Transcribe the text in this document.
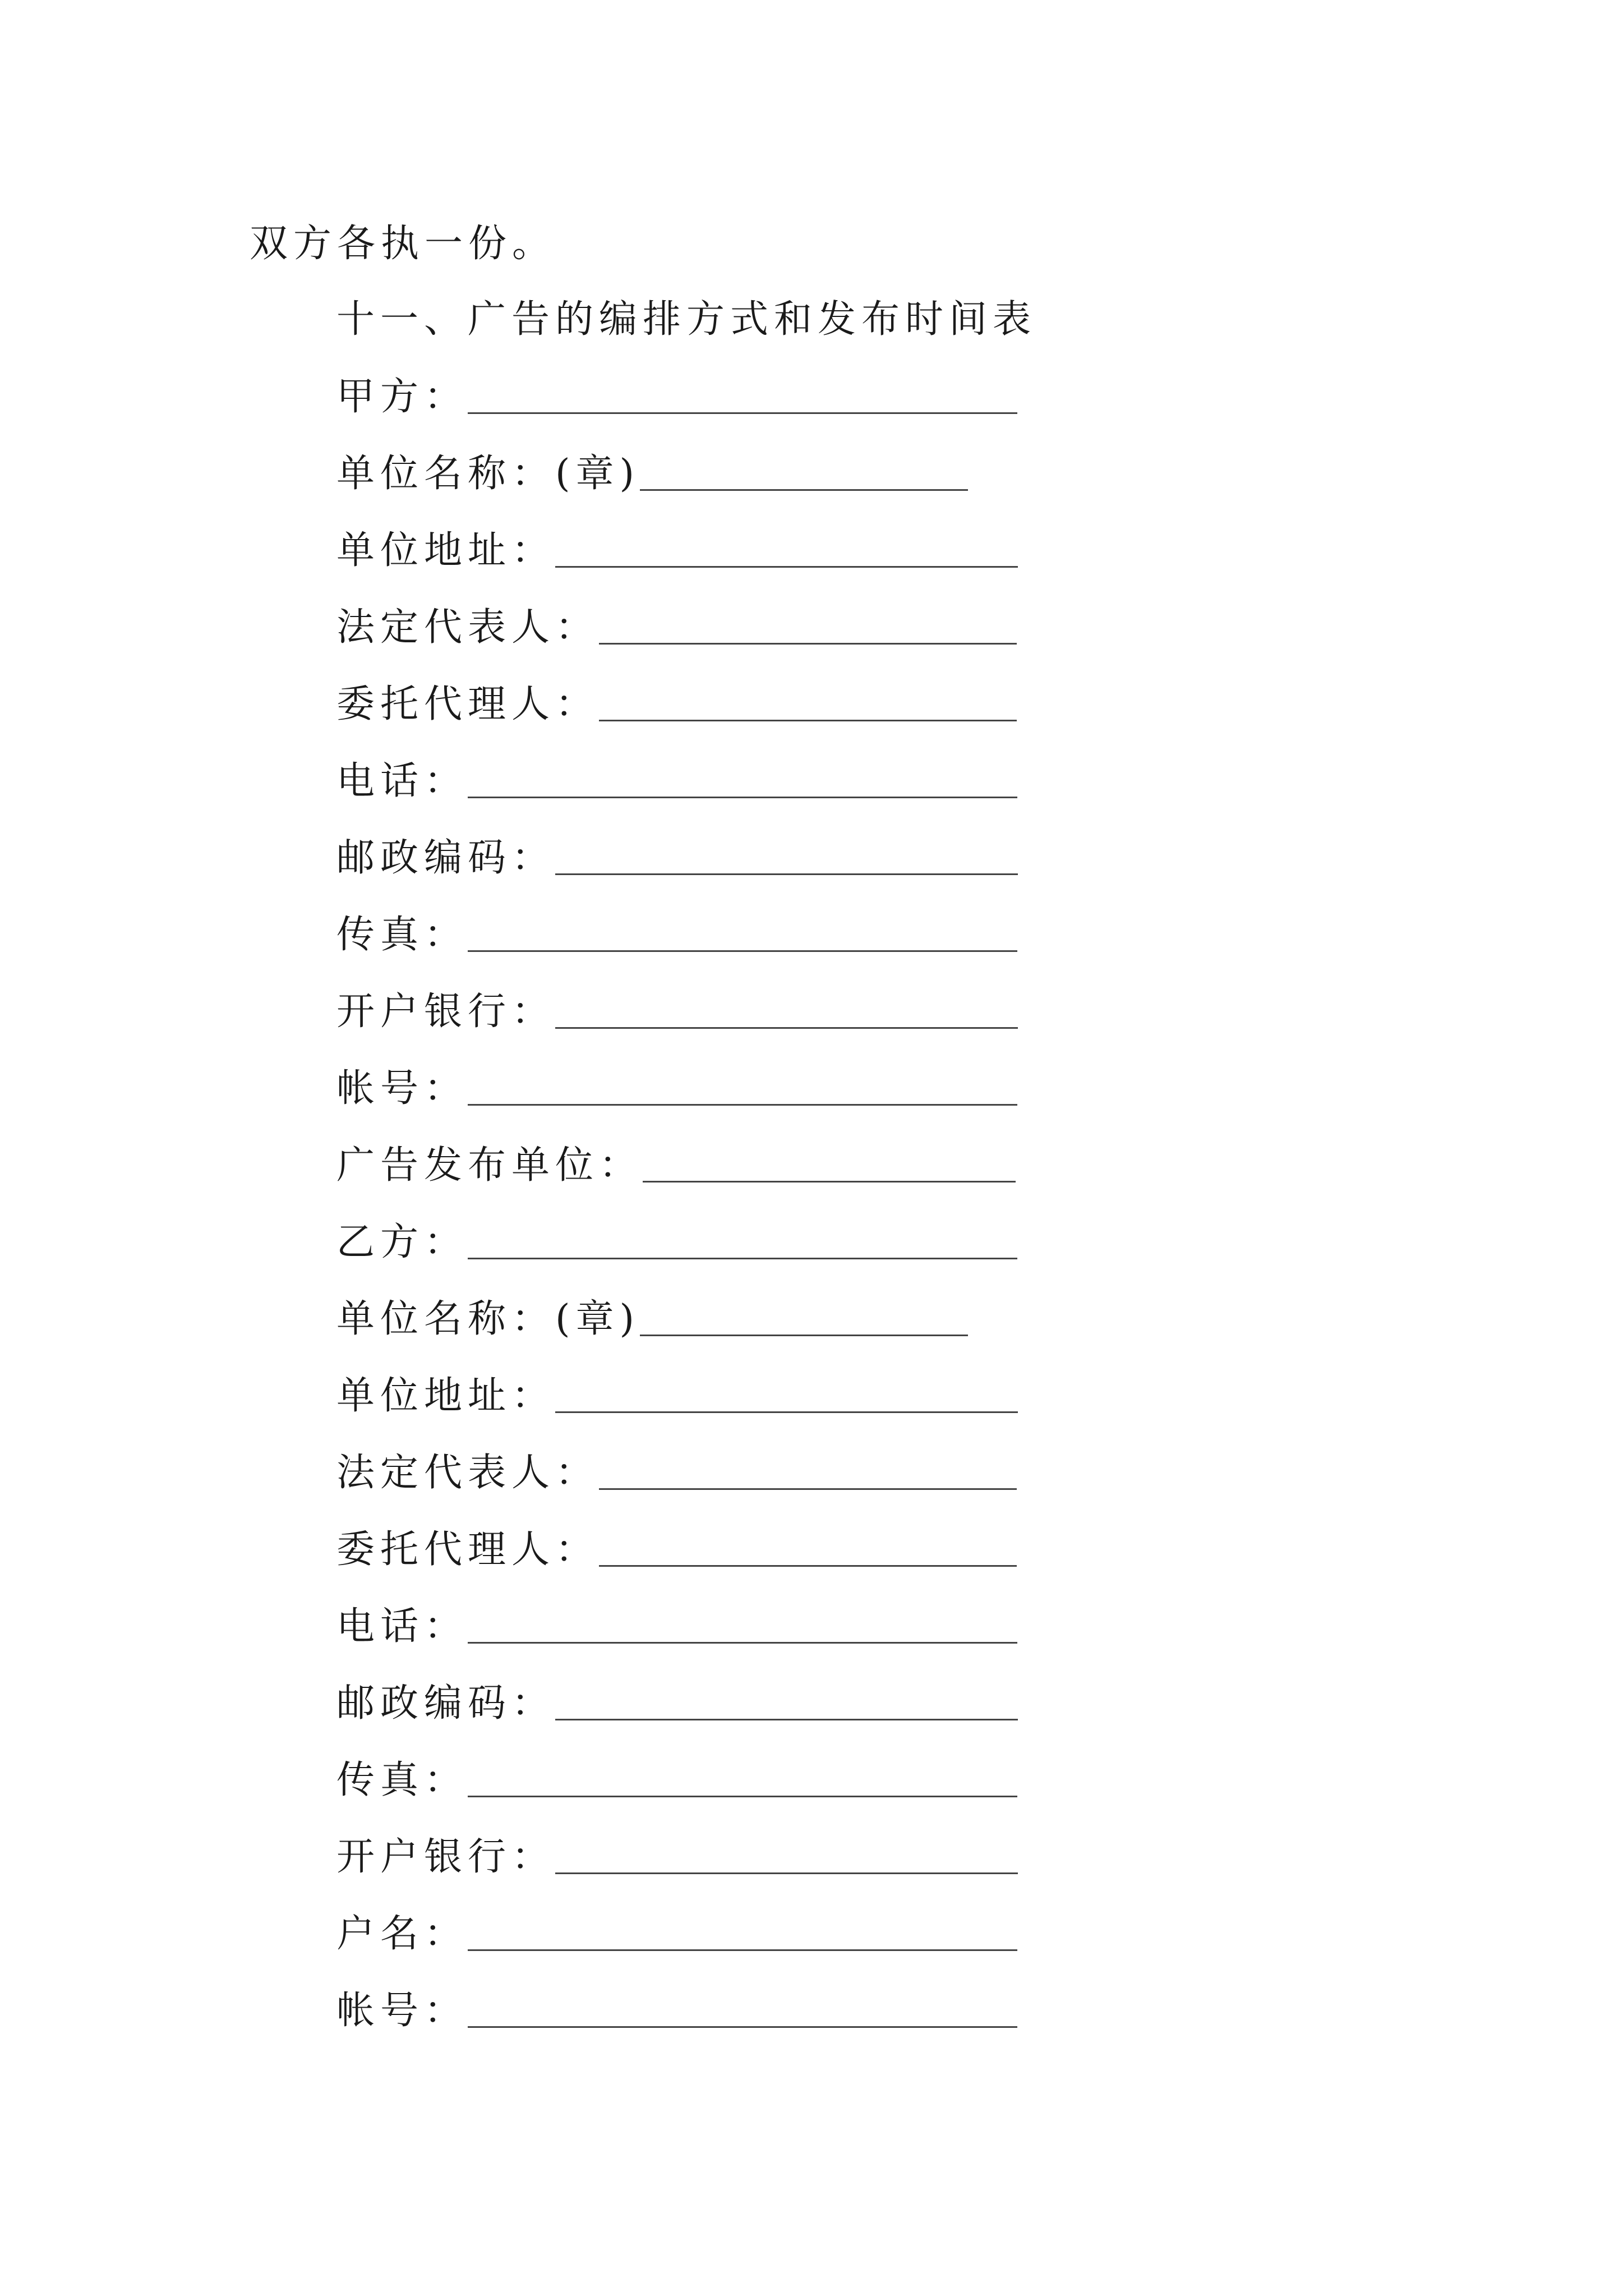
双方各执一份。
十一、广告的编排方式和发布时间表
甲方：
单位名称：(章)
单位地址：
法定代表人：
委托代理人：
电话：
邮政编码：
传真：
开户银行：
帐号：
广告发布单位：
乙方：
单位名称：(章)
单位地址：
法定代表人：
委托代理人：
电话：
邮政编码：
传真：
开户银行：
户名：
帐号：
